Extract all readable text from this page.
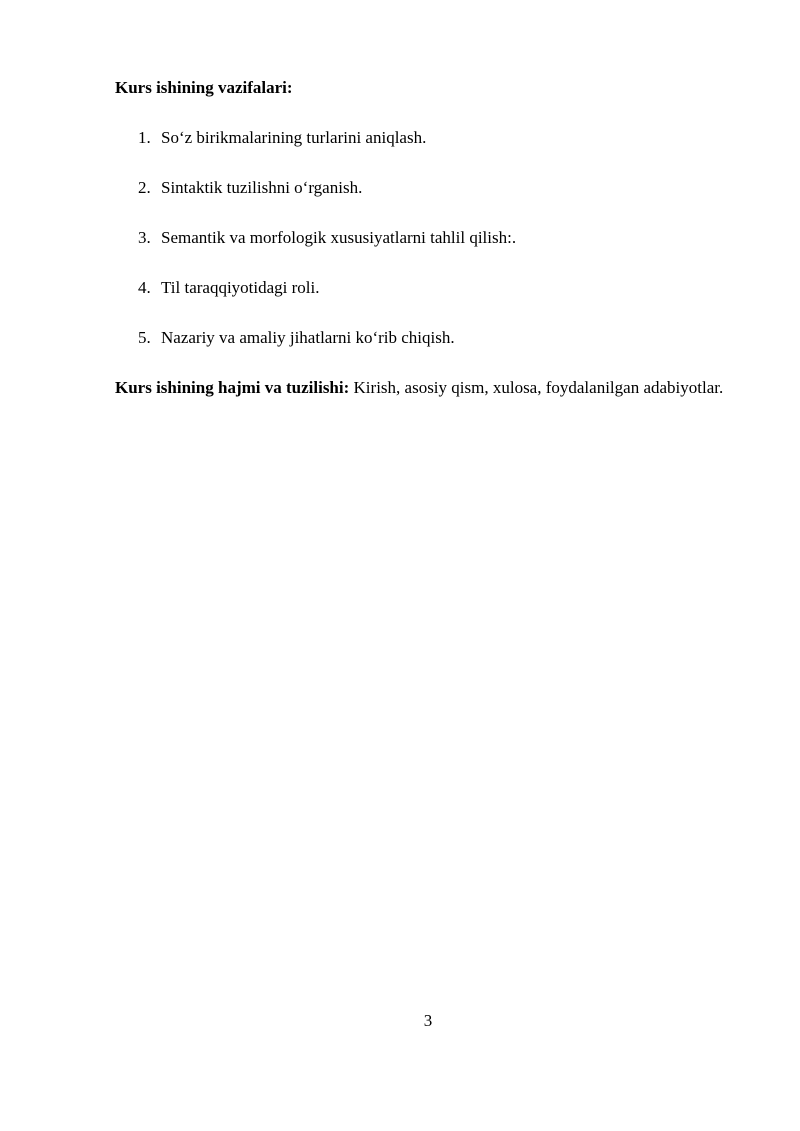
Kurs ishining vazifalari:
1. So‘z birikmalarining turlarini aniqlash.
2. Sintaktik tuzilishni o‘rganish.
3. Semantik va morfologik xususiyatlarni tahlil qilish:.
4. Til taraqqiyotidagi roli.
5. Nazariy va amaliy jihatlarni ko‘rib chiqish.

Kurs ishining hajmi va tuzilishi: Kirish, asosiy qism, xulosa, foydalanilgan adabiyotlar.

3
